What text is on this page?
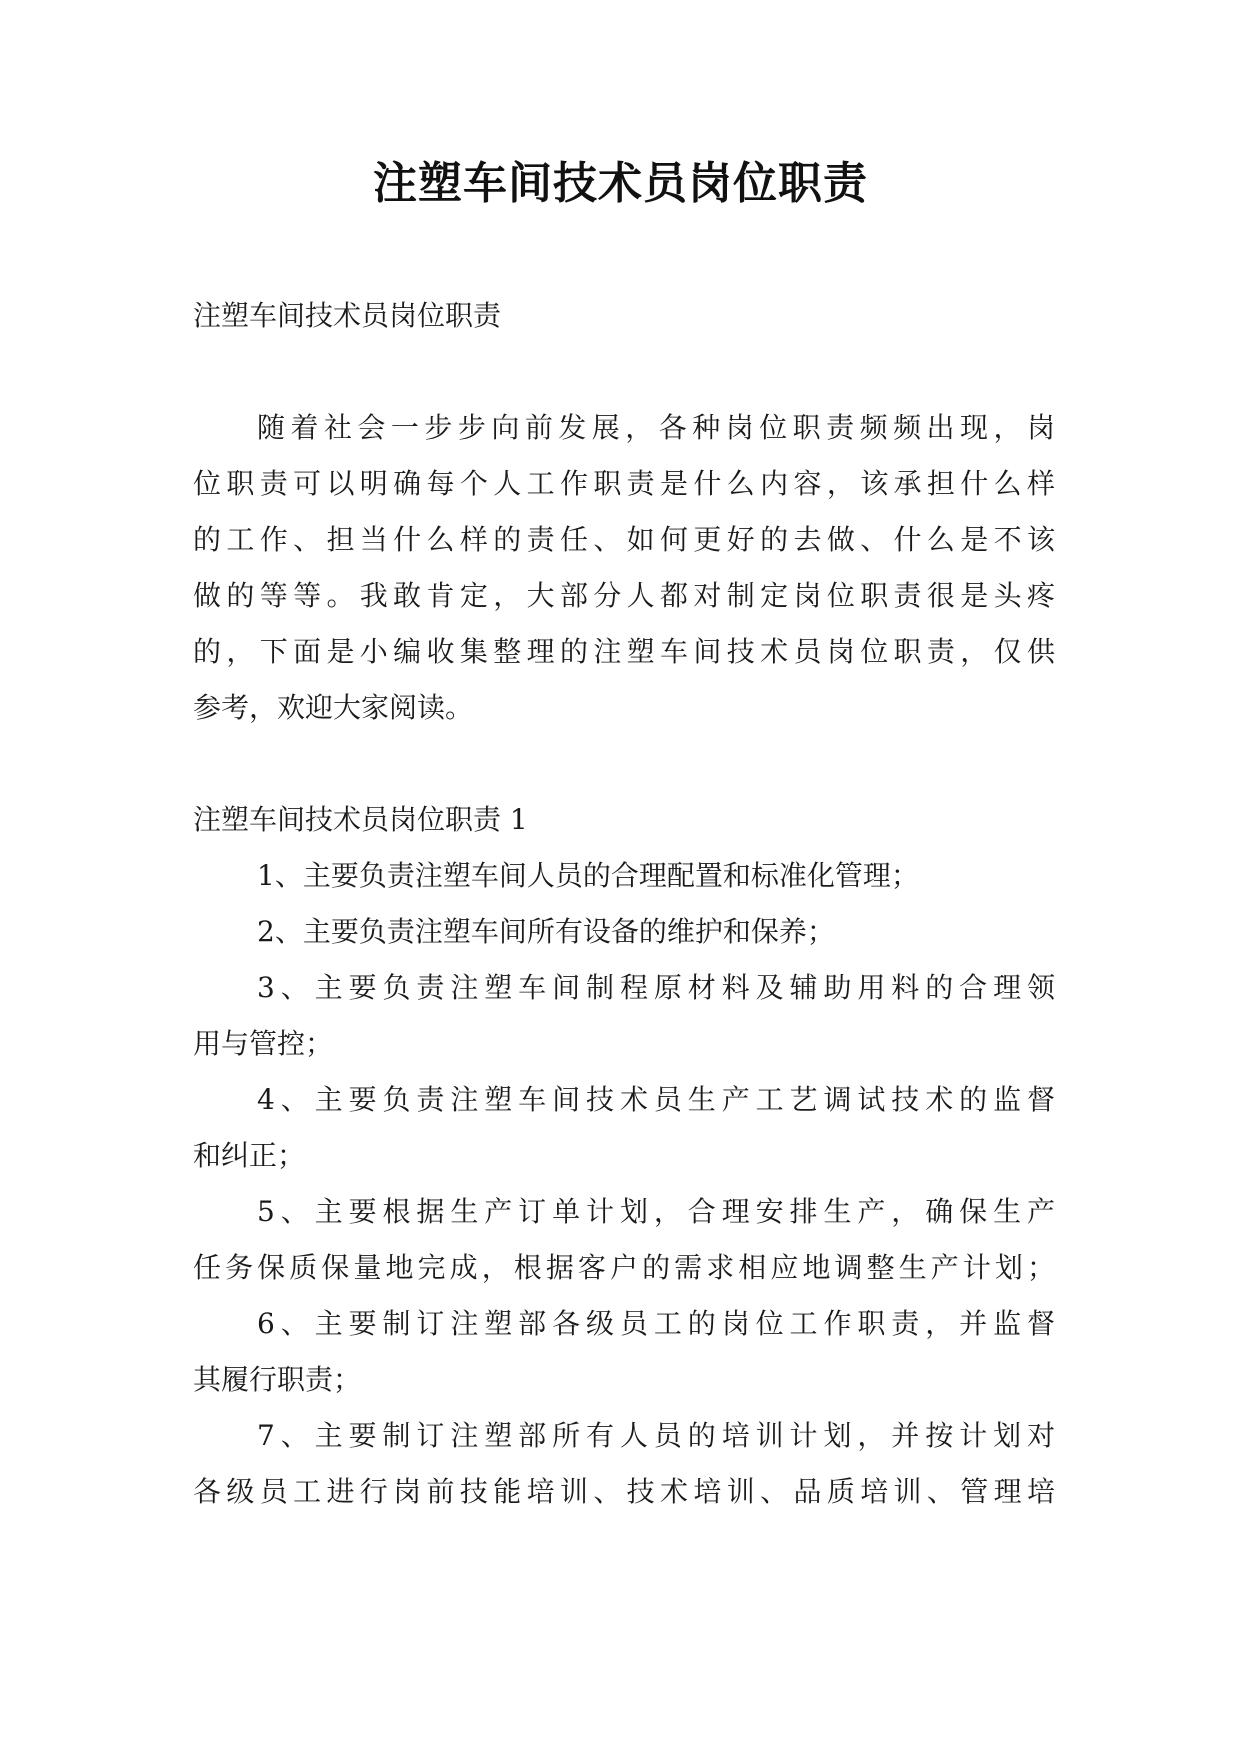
注塑车间技术员岗位职责
注塑车间技术员岗位职责
随着社会一步步向前发展，各种岗位职责频频出现，岗
位职责可以明确每个人工作职责是什么内容，该承担什么样
的工作、担当什么样的责任、如何更好的去做、什么是不该
做的等等。我敢肯定，大部分人都对制定岗位职责很是头疼
的，下面是小编收集整理的注塑车间技术员岗位职责，仅供
参考，欢迎大家阅读。
注塑车间技术员岗位职责 1
1、主要负责注塑车间人员的合理配置和标准化管理；
2、主要负责注塑车间所有设备的维护和保养；
3、主要负责注塑车间制程原材料及辅助用料的合理领
用与管控；
4、主要负责注塑车间技术员生产工艺调试技术的监督
和纠正；
5、主要根据生产订单计划，合理安排生产，确保生产
任务保质保量地完成，根据客户的需求相应地调整生产计划；
6、主要制订注塑部各级员工的岗位工作职责，并监督
其履行职责；
7、主要制订注塑部所有人员的培训计划，并按计划对
各级员工进行岗前技能培训、技术培训、品质培训、管理培
